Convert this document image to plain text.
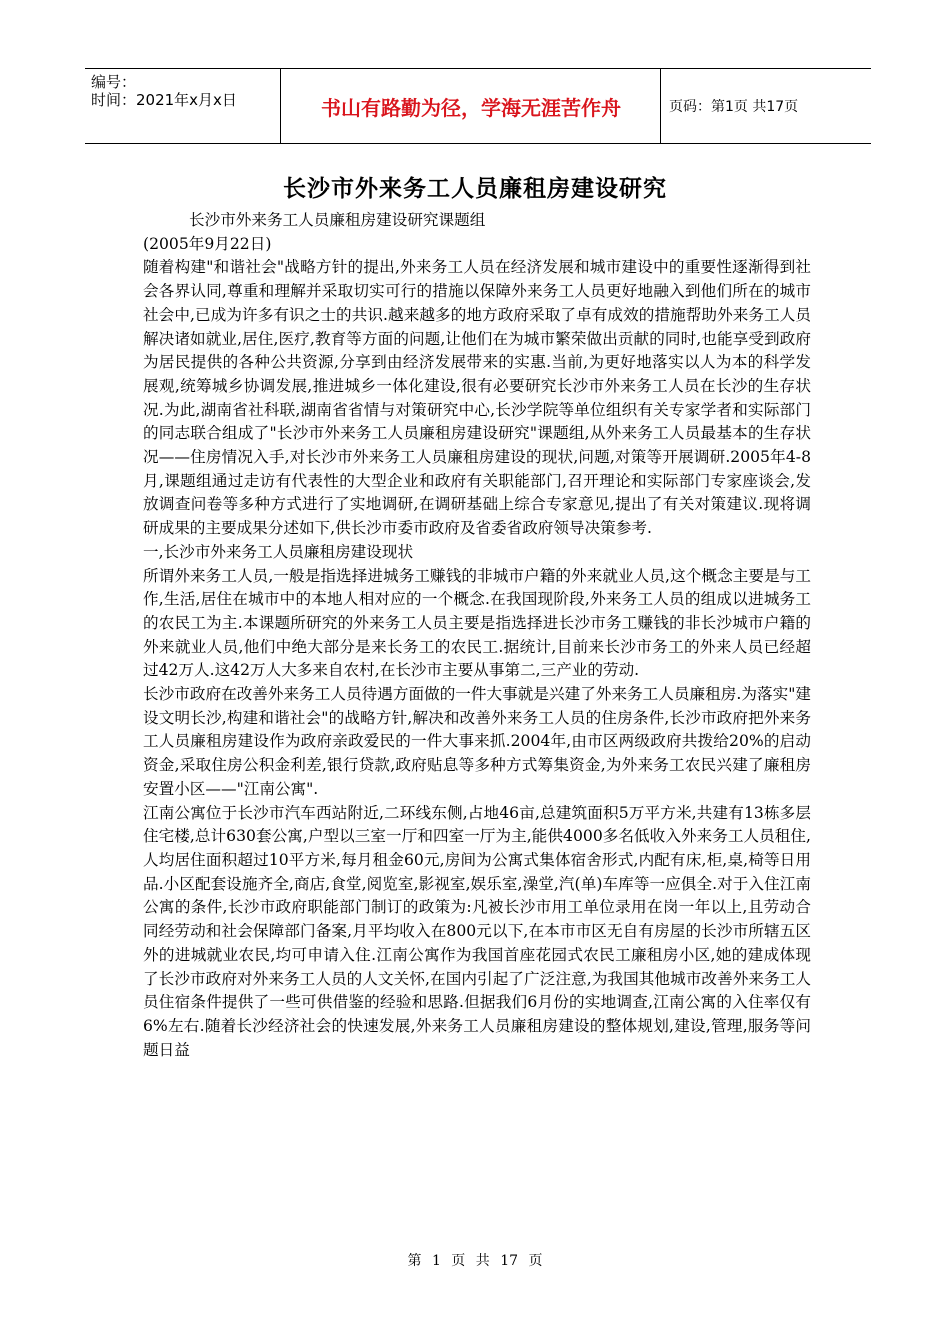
编号：
时间：2021年x月x日	书山有路勤为径，学海无涯苦作舟	页码：第1页 共17页
长沙市外来务工人员廉租房建设研究

长沙市外来务工人员廉租房建设研究课题组

(2005年9月22日)

随着构建"和谐社会"战略方针的提出,外来务工人员在经济发展和城市建设中的重要性逐渐得到社会各界认同,尊重和理解并采取切实可行的措施以保障外来务工人员更好地融入到他们所在的城市社会中,已成为许多有识之士的共识.越来越多的地方政府采取了卓有成效的措施帮助外来务工人员解决诸如就业,居住,医疗,教育等方面的问题,让他们在为城市繁荣做出贡献的同时,也能享受到政府为居民提供的各种公共资源,分享到由经济发展带来的实惠.当前,为更好地落实以人为本的科学发展观,统筹城乡协调发展,推进城乡一体化建设,很有必要研究长沙市外来务工人员在长沙的生存状况.为此,湖南省社科联,湖南省省情与对策研究中心,长沙学院等单位组织有关专家学者和实际部门的同志联合组成了"长沙市外来务工人员廉租房建设研究"课题组,从外来务工人员最基本的生存状况——住房情况入手,对长沙市外来务工人员廉租房建设的现状,问题,对策等开展调研.2005年4-8月,课题组通过走访有代表性的大型企业和政府有关职能部门,召开理论和实际部门专家座谈会,发放调查问卷等多种方式进行了实地调研,在调研基础上综合专家意见,提出了有关对策建议.现将调研成果的主要成果分述如下,供长沙市委市政府及省委省政府领导决策参考.

一,长沙市外来务工人员廉租房建设现状

所谓外来务工人员,一般是指选择进城务工赚钱的非城市户籍的外来就业人员,这个概念主要是与工作,生活,居住在城市中的本地人相对应的一个概念.在我国现阶段,外来务工人员的组成以进城务工的农民工为主.本课题所研究的外来务工人员主要是指选择进长沙市务工赚钱的非长沙城市户籍的外来就业人员,他们中绝大部分是来长务工的农民工.据统计,目前来长沙市务工的外来人员已经超过42万人.这42万人大多来自农村,在长沙市主要从事第二,三产业的劳动.

长沙市政府在改善外来务工人员待遇方面做的一件大事就是兴建了外来务工人员廉租房.为落实"建设文明长沙,构建和谐社会"的战略方针,解决和改善外来务工人员的住房条件,长沙市政府把外来务工人员廉租房建设作为政府亲政爱民的一件大事来抓.2004年,由市区两级政府共拨给20%的启动资金,采取住房公积金利差,银行贷款,政府贴息等多种方式筹集资金,为外来务工农民兴建了廉租房安置小区——"江南公寓".

江南公寓位于长沙市汽车西站附近,二环线东侧,占地46亩,总建筑面积5万平方米,共建有13栋多层住宅楼,总计630套公寓,户型以三室一厅和四室一厅为主,能供4000多名低收入外来务工人员租住,人均居住面积超过10平方米,每月租金60元,房间为公寓式集体宿舍形式,内配有床,柜,桌,椅等日用品.小区配套设施齐全,商店,食堂,阅览室,影视室,娱乐室,澡堂,汽(单)车库等一应俱全.对于入住江南公寓的条件,长沙市政府职能部门制订的政策为:凡被长沙市用工单位录用在岗一年以上,且劳动合同经劳动和社会保障部门备案,月平均收入在800元以下,在本市市区无自有房屋的长沙市所辖五区外的进城就业农民,均可申请入住.江南公寓作为我国首座花园式农民工廉租房小区,她的建成体现了长沙市政府对外来务工人员的人文关怀,在国内引起了广泛注意,为我国其他城市改善外来务工人员住宿条件提供了一些可供借鉴的经验和思路.但据我们6月份的实地调查,江南公寓的入住率仅有6%左右.随着长沙经济社会的快速发展,外来务工人员廉租房建设的整体规划,建设,管理,服务等问题日益

第 1 页 共 17 页
